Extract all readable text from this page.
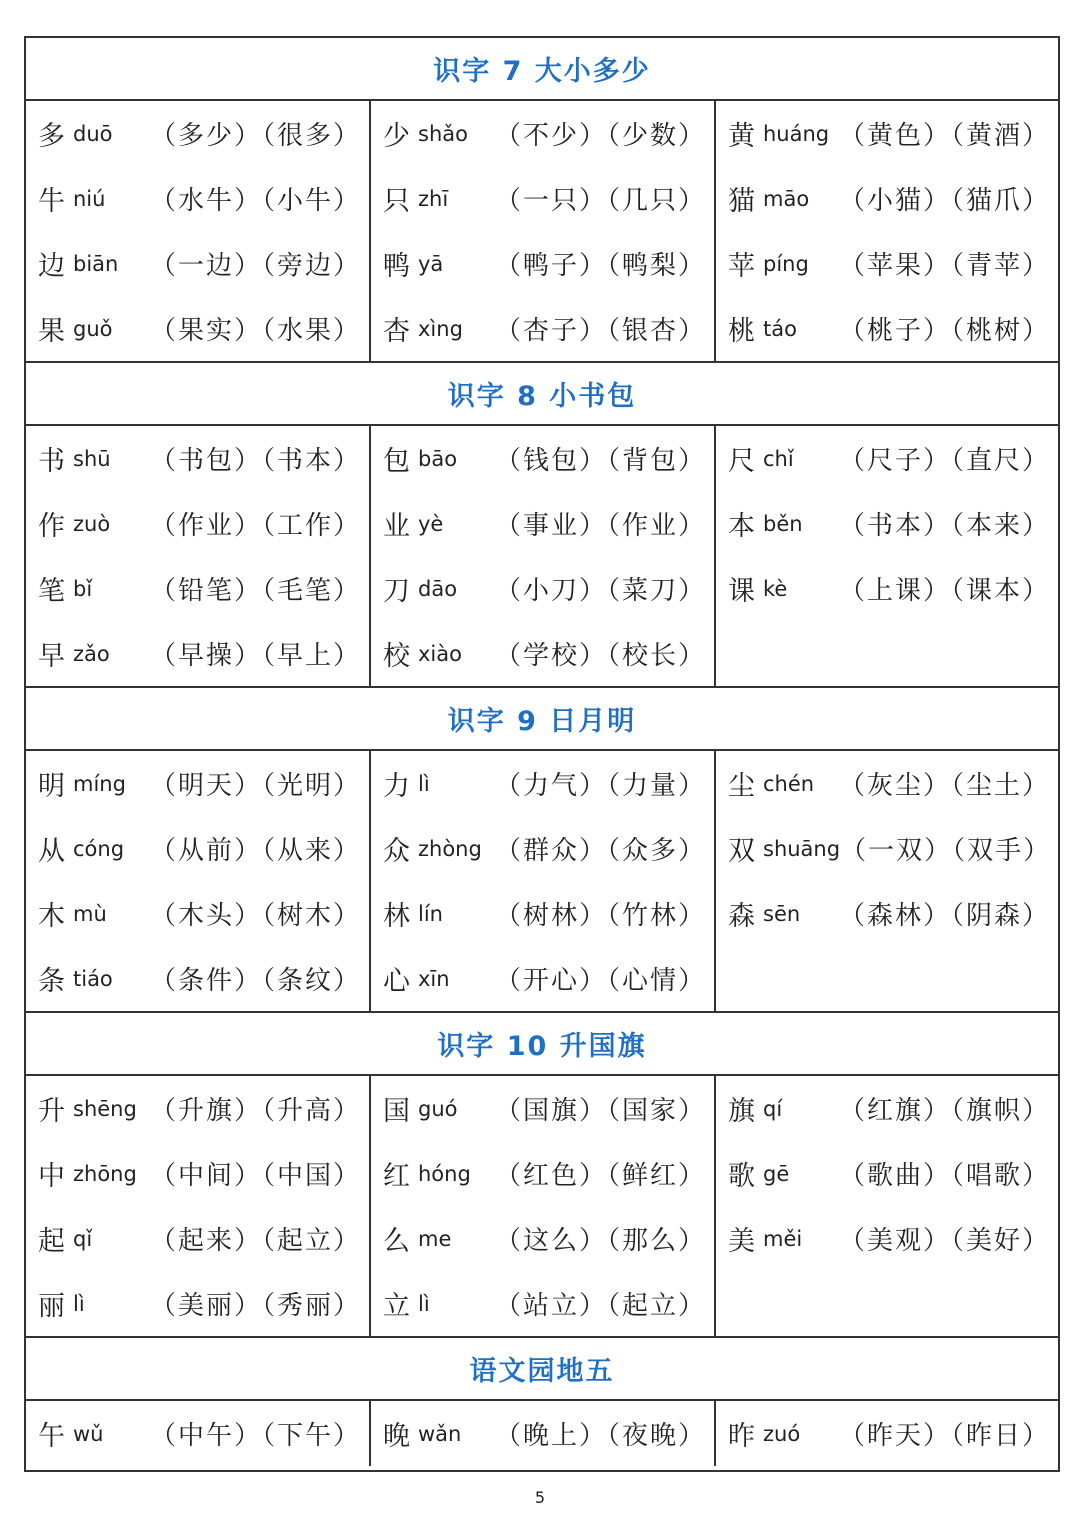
识字 7 大小多少
多 duō	（多少）（很多）
牛 niú	（水牛）（小牛）
边 biān	（一边）（旁边）
果 guǒ	（果实）（水果）
少 shǎo	（不少）（少数）
只 zhī	（一只）（几只）
鸭 yā	（鸭子）（鸭梨）
杏 xìng	（杏子）（银杏）
黄 huáng （黄色）（黄酒）
猫 māo	（小猫）（猫爪）
苹 píng	（苹果）（青苹）
桃 táo	（桃子）（桃树）
识字 8 小书包
书 shū	（书包）（书本）
作 zuò	（作业）（工作）
笔 bǐ	（铅笔）（毛笔）
早 zǎo	（早操）（早上）
包 bāo	（钱包）（背包）
业 yè	（事业）（作业）
刀 dāo	（小刀）（菜刀）
校 xiào	（学校）（校长）
尺 chǐ	（尺子）（直尺）
本 běn	（书本）（本来）
课 kè	（上课）（课本）
识字 9 日月明
明 míng （明天）（光明）
从 cóng （从前）（从来）
木 mù	（木头）（树木）
条 tiáo	（条件）（条纹）
力 lì	（力气）（力量）
众 zhòng （群众）（众多）
林 lín	（树林）（竹林）
心 xīn	（开心）（心情）
尘 chén （灰尘）（尘土）
双 shuāng （一双）（双手）
森 sēn	（森林）（阴森）
识字 10 升国旗
升 shēng （升旗）（升高）
中 zhōng （中间）（中国）
起 qǐ	（起来）（起立）
丽 lì	（美丽）（秀丽）
国 guó	（国旗）（国家）
红 hóng （红色）（鲜红）
么 me	（这么）（那么）
立 lì	（站立）（起立）
旗 qí	（红旗）（旗帜）
歌 gē	（歌曲）（唱歌）
美 měi	（美观）（美好）
语文园地五
午 wǔ	（中午）（下午） 晚 wǎn	（晚上）（夜晚） 昨 zuó	（昨天）（昨日）
5
